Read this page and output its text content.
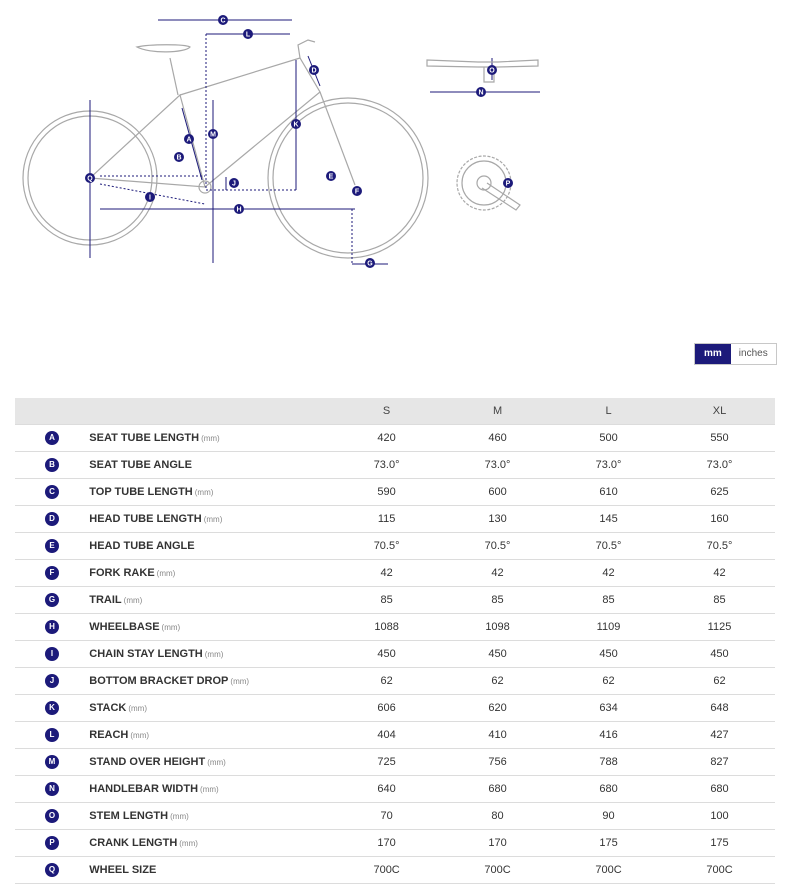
C
L
D
K
M
A
B
Q
J
E
F
I
H
G
O
N
P
mm	inches
		S	M	L	XL
A	SEAT TUBE LENGTH (mm)	420	460	500	550
B	SEAT TUBE ANGLE	73.0°	73.0°	73.0°	73.0°
C	TOP TUBE LENGTH (mm)	590	600	610	625
D	HEAD TUBE LENGTH (mm)	115	130	145	160
E	HEAD TUBE ANGLE	70.5°	70.5°	70.5°	70.5°
F	FORK RAKE (mm)	42	42	42	42
G	TRAIL (mm)	85	85	85	85
H	WHEELBASE (mm)	1088	1098	1109	1125
I	CHAIN STAY LENGTH (mm)	450	450	450	450
J	BOTTOM BRACKET DROP (mm)	62	62	62	62
K	STACK (mm)	606	620	634	648
L	REACH (mm)	404	410	416	427
M	STAND OVER HEIGHT (mm)	725	756	788	827
N	HANDLEBAR WIDTH (mm)	640	680	680	680
O	STEM LENGTH (mm)	70	80	90	100
P	CRANK LENGTH (mm)	170	170	175	175
Q	WHEEL SIZE	700C	700C	700C	700C
